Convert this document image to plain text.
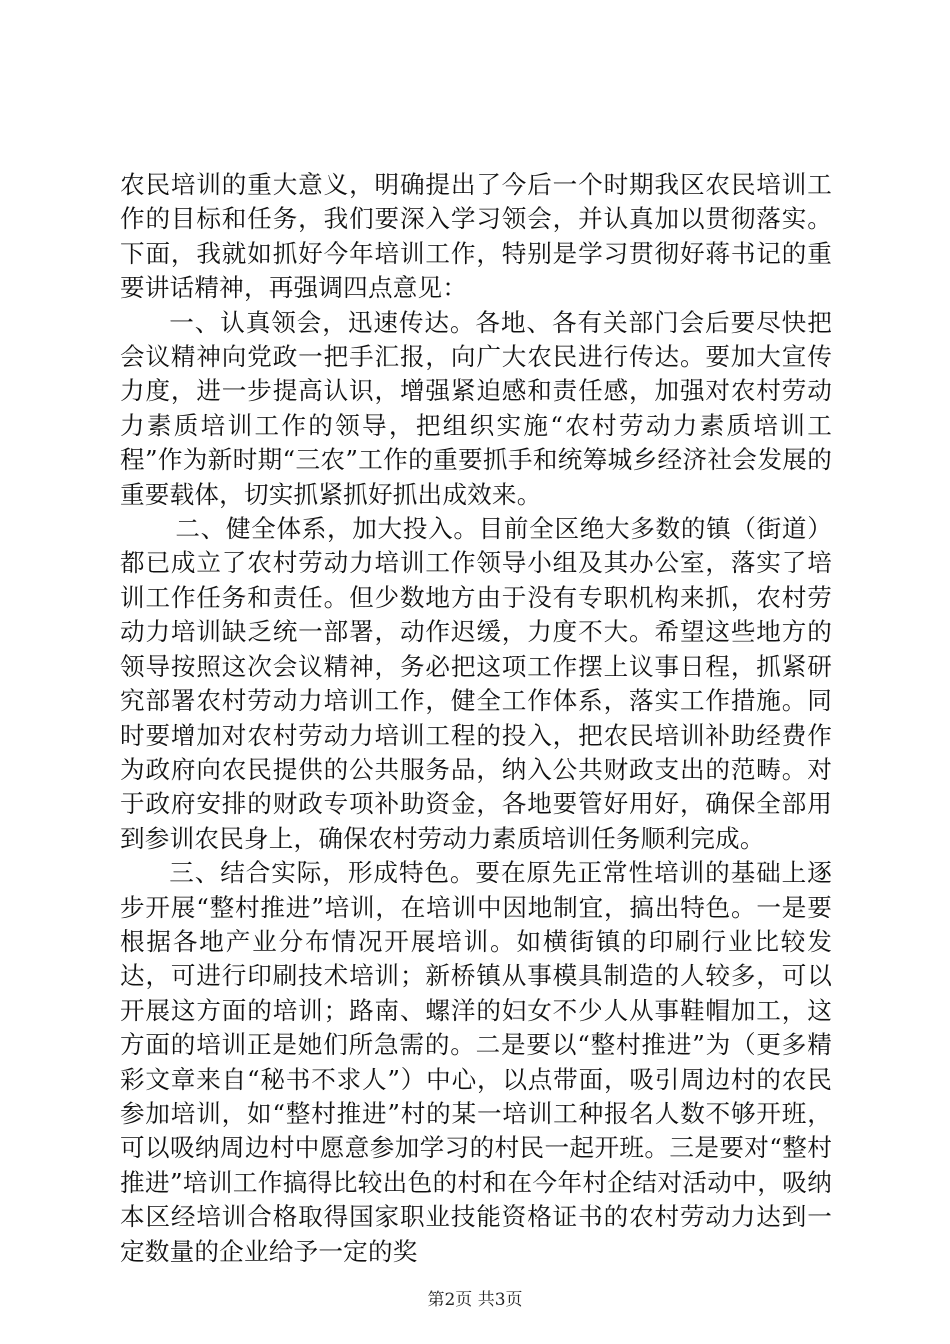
农民培训的重大意义，明确提出了今后一个时期我区农民培训工作的目标和任务，我们要深入学习领会，并认真加以贯彻落实。下面，我就如抓好今年培训工作，特别是学习贯彻好蒋书记的重要讲话精神，再强调四点意见：

一、认真领会，迅速传达。各地、各有关部门会后要尽快把会议精神向党政一把手汇报，向广大农民进行传达。要加大宣传力度，进一步提高认识，增强紧迫感和责任感，加强对农村劳动力素质培训工作的领导，把组织实施“农村劳动力素质培训工程”作为新时期“三农”工作的重要抓手和统筹城乡经济社会发展的重要载体，切实抓紧抓好抓出成效来。

二、健全体系，加大投入。目前全区绝大多数的镇（街道）都已成立了农村劳动力培训工作领导小组及其办公室，落实了培训工作任务和责任。但少数地方由于没有专职机构来抓，农村劳动力培训缺乏统一部署，动作迟缓，力度不大。希望这些地方的领导按照这次会议精神，务必把这项工作摆上议事日程，抓紧研究部署农村劳动力培训工作，健全工作体系，落实工作措施。同时要增加对农村劳动力培训工程的投入，把农民培训补助经费作为政府向农民提供的公共服务品，纳入公共财政支出的范畴。对于政府安排的财政专项补助资金，各地要管好用好，确保全部用到参训农民身上，确保农村劳动力素质培训任务顺利完成。

三、结合实际，形成特色。要在原先正常性培训的基础上逐步开展“整村推进”培训，在培训中因地制宜，搞出特色。一是要根据各地产业分布情况开展培训。如横街镇的印刷行业比较发达，可进行印刷技术培训；新桥镇从事模具制造的人较多，可以开展这方面的培训；路南、螺洋的妇女不少人从事鞋帽加工，这方面的培训正是她们所急需的。二是要以“整村推进”为（更多精彩文章来自“秘书不求人”）中心，以点带面，吸引周边村的农民参加培训，如“整村推进”村的某一培训工种报名人数不够开班，可以吸纳周边村中愿意参加学习的村民一起开班。三是要对“整村推进”培训工作搞得比较出色的村和在今年村企结对活动中，吸纳本区经培训合格取得国家职业技能资格证书的农村劳动力达到一定数量的企业给予一定的奖

第2页 共3页
